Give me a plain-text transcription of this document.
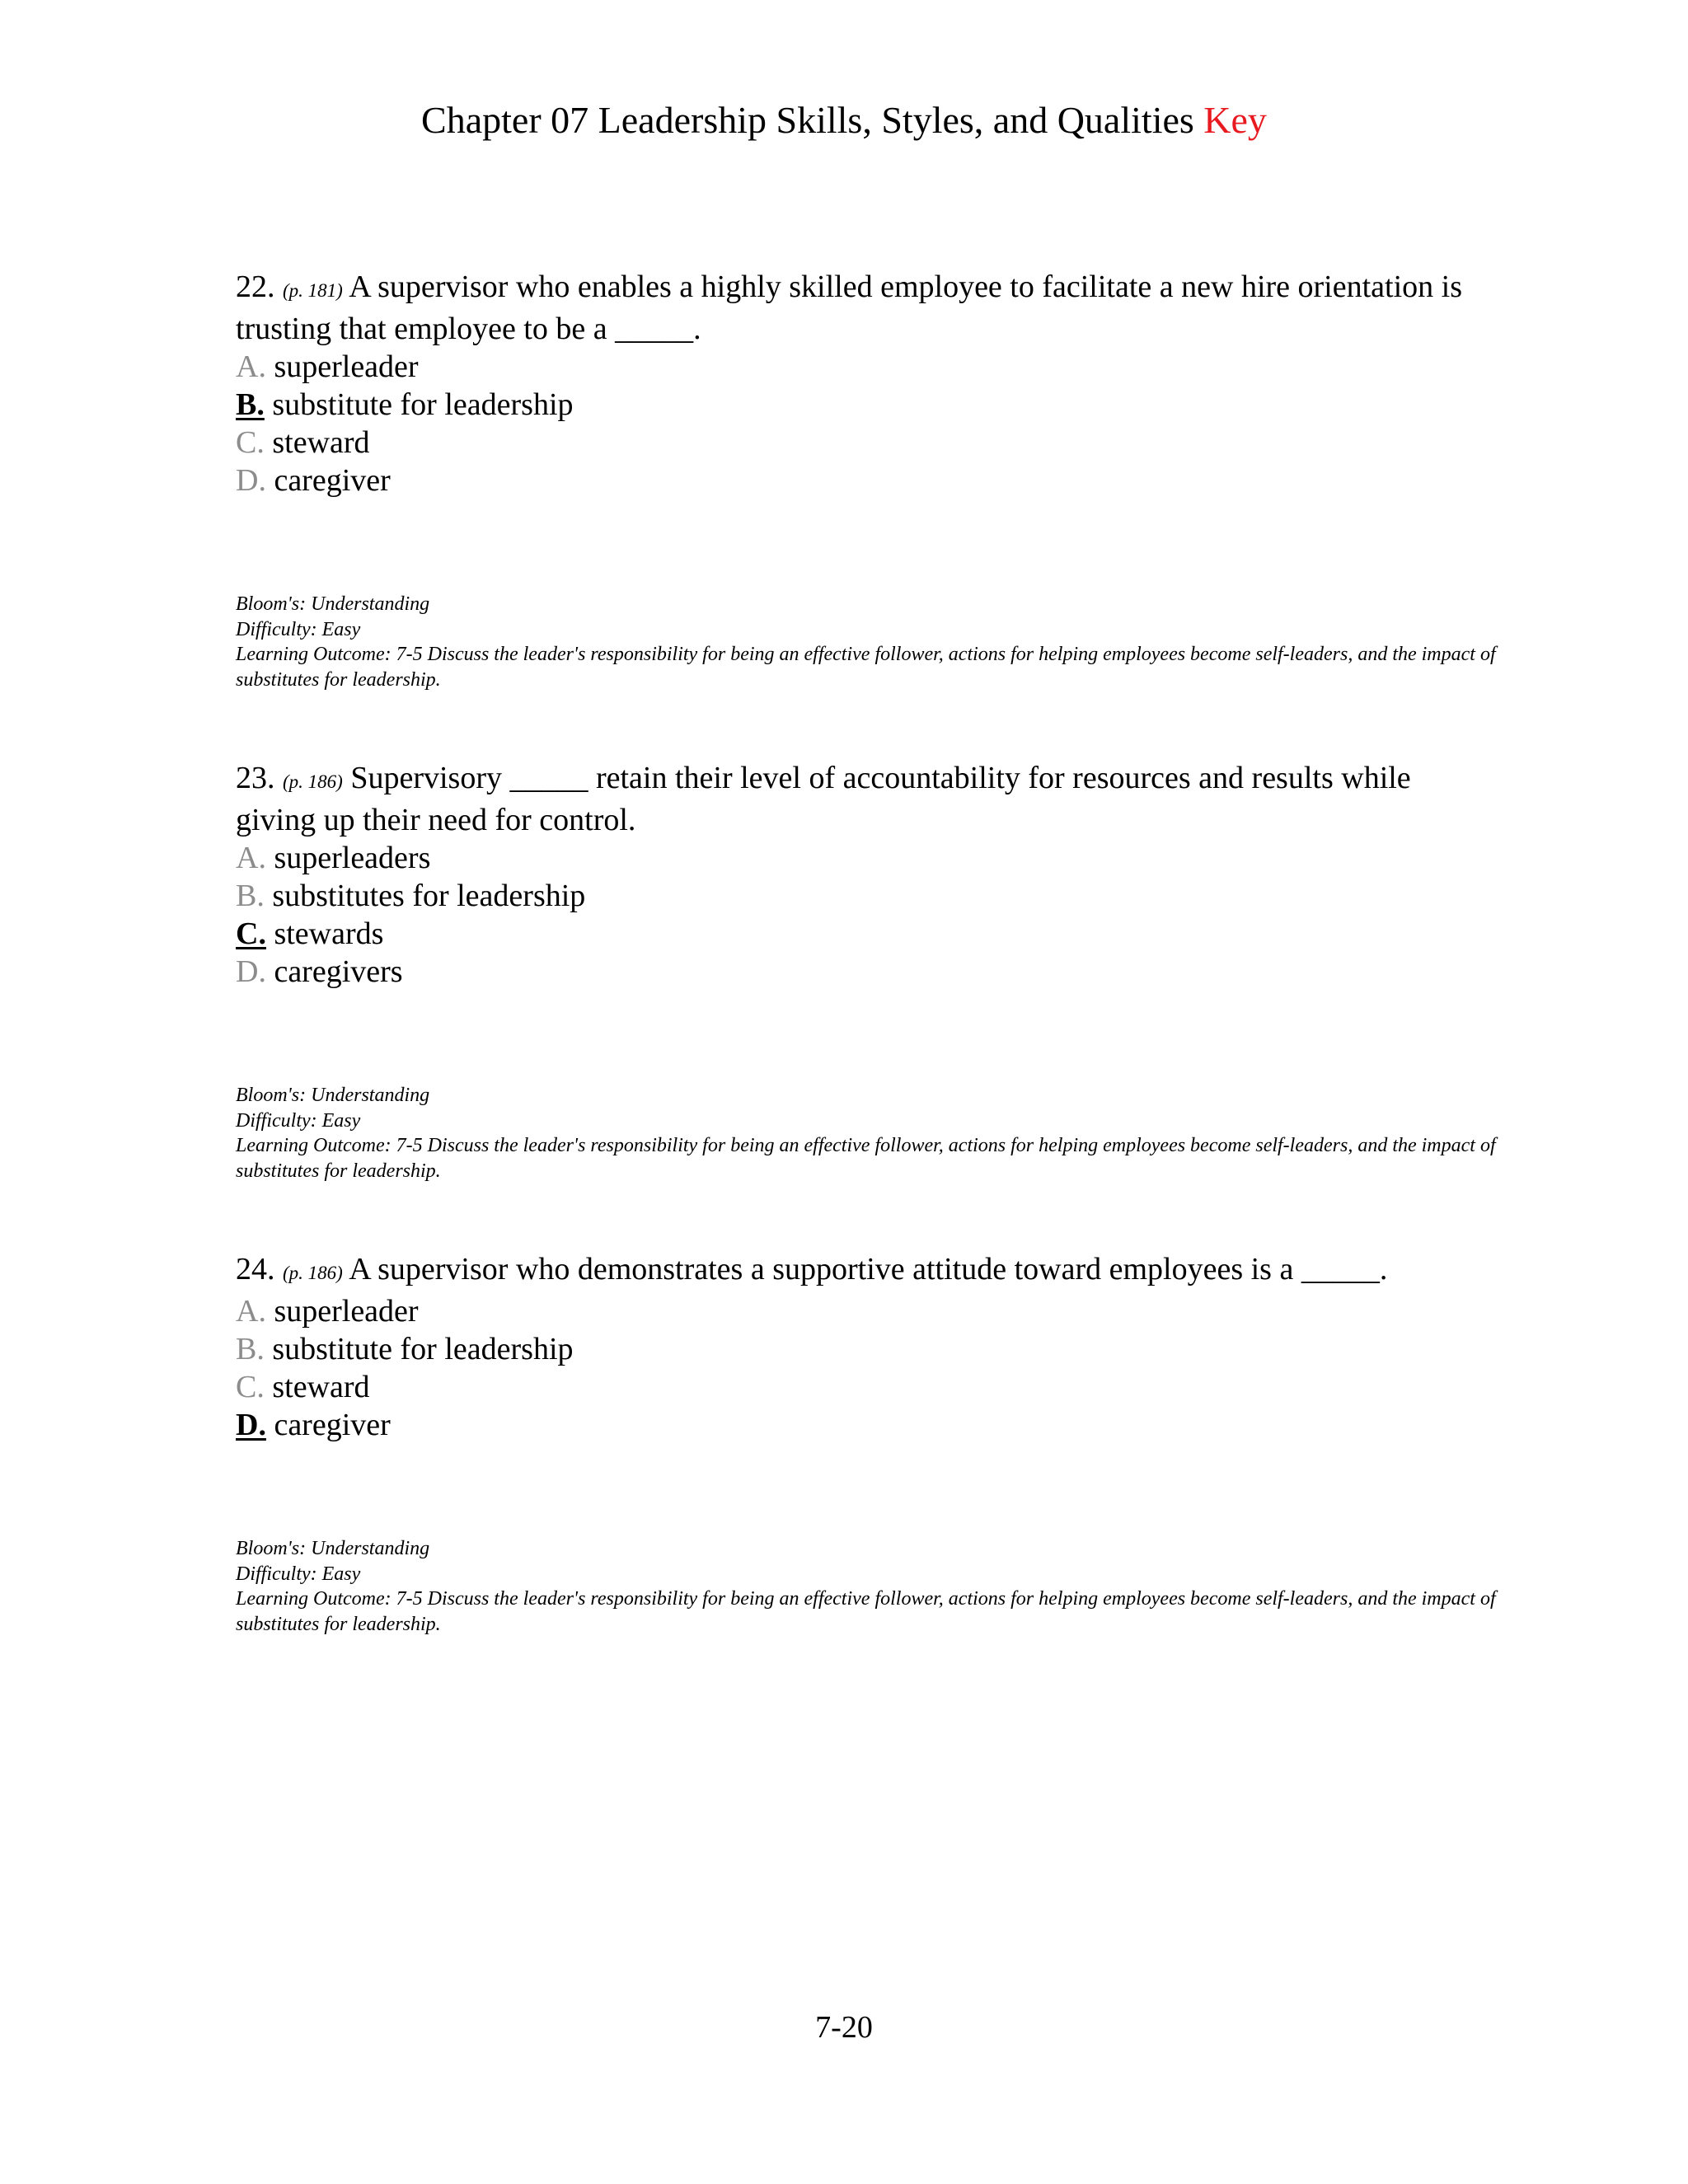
Chapter 07 Leadership Skills, Styles, and Qualities Key

22. (p. 181) A supervisor who enables a highly skilled employee to facilitate a new hire orientation is trusting that employee to be a _____.

A. superleader
B. substitute for leadership
C. steward
D. caregiver
Bloom's: Understanding
Difficulty: Easy
Learning Outcome: 7-5 Discuss the leader's responsibility for being an effective follower, actions for helping employees become self-leaders, and the impact of substitutes for leadership.

23. (p. 186) Supervisory _____ retain their level of accountability for resources and results while giving up their need for control.

A. superleaders
B. substitutes for leadership
C. stewards
D. caregivers
Bloom's: Understanding
Difficulty: Easy
Learning Outcome: 7-5 Discuss the leader's responsibility for being an effective follower, actions for helping employees become self-leaders, and the impact of substitutes for leadership.

24. (p. 186) A supervisor who demonstrates a supportive attitude toward employees is a _____.

A. superleader
B. substitute for leadership
C. steward
D. caregiver
Bloom's: Understanding
Difficulty: Easy
Learning Outcome: 7-5 Discuss the leader's responsibility for being an effective follower, actions for helping employees become self-leaders, and the impact of substitutes for leadership.
7-20
